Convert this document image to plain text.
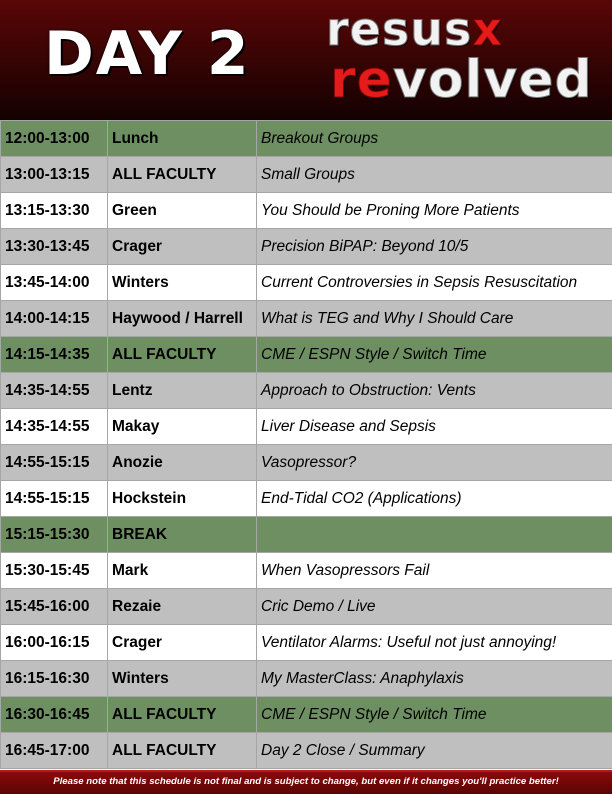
DAY 2 resusx
revolved
12:00-13:00	Lunch	Breakout Groups
13:00-13:15	ALL FACULTY	Small Groups
13:15-13:30	Green	You Should be Proning More Patients
13:30-13:45	Crager	Precision BiPAP: Beyond 10/5
13:45-14:00	Winters	Current Controversies in Sepsis Resuscitation
14:00-14:15	Haywood / Harrell	What is TEG and Why I Should Care
14:15-14:35	ALL FACULTY	CME / ESPN Style / Switch Time
14:35-14:55	Lentz	Approach to Obstruction: Vents
14:35-14:55	Makay	Liver Disease and Sepsis
14:55-15:15	Anozie	Vasopressor?
14:55-15:15	Hockstein	End-Tidal CO2 (Applications)
15:15-15:30	BREAK	
15:30-15:45	Mark	When Vasopressors Fail
15:45-16:00	Rezaie	Cric Demo / Live
16:00-16:15	Crager	Ventilator Alarms: Useful not just annoying!
16:15-16:30	Winters	My MasterClass: Anaphylaxis
16:30-16:45	ALL FACULTY	CME / ESPN Style / Switch Time
16:45-17:00	ALL FACULTY	Day 2 Close / Summary
Please note that this schedule is not final and is subject to change, but even if it changes you'll practice better!
